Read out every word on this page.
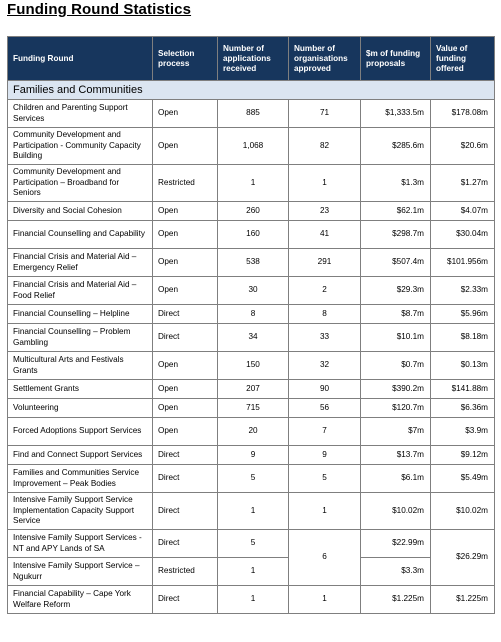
Funding Round Statistics
Funding Round	Selection process	Number of applications received	Number of organisations approved	$m of funding proposals	Value of funding offered
Families and Communities					
Children and Parenting Support Services	Open	885	71	$1,333.5m	$178.08m
Community Development and Participation - Community Capacity Building	Open	1,068	82	$285.6m	$20.6m
Community Development and Participation – Broadband for Seniors	Restricted	1	1	$1.3m	$1.27m
Diversity and Social Cohesion	Open	260	23	$62.1m	$4.07m
Financial Counselling and Capability	Open	160	41	$298.7m	$30.04m
Financial Crisis and Material Aid – Emergency Relief	Open	538	291	$507.4m	$101.956m
Financial Crisis and Material Aid – Food Relief	Open	30	2	$29.3m	$2.33m
Financial Counselling – Helpline	Direct	8	8	$8.7m	$5.96m
Financial Counselling – Problem Gambling	Direct	34	33	$10.1m	$8.18m
Multicultural Arts and Festivals Grants	Open	150	32	$0.7m	$0.13m
Settlement Grants	Open	207	90	$390.2m	$141.88m
Volunteering	Open	715	56	$120.7m	$6.36m
Forced Adoptions Support Services	Open	20	7	$7m	$3.9m
Find and Connect Support Services	Direct	9	9	$13.7m	$9.12m
Families and Communities Service Improvement – Peak Bodies	Direct	5	5	$6.1m	$5.49m
Intensive Family Support Service Implementation Capacity Support Service	Direct	1	1	$10.02m	$10.02m
Intensive Family Support Services - NT and APY Lands of SA	Direct	5	6	$22.99m	$26.29m
Intensive Family Support Service – Ngukurr	Restricted	1		$3.3m	
Financial Capability – Cape York Welfare Reform	Direct	1	1	$1.225m	$1.225m
